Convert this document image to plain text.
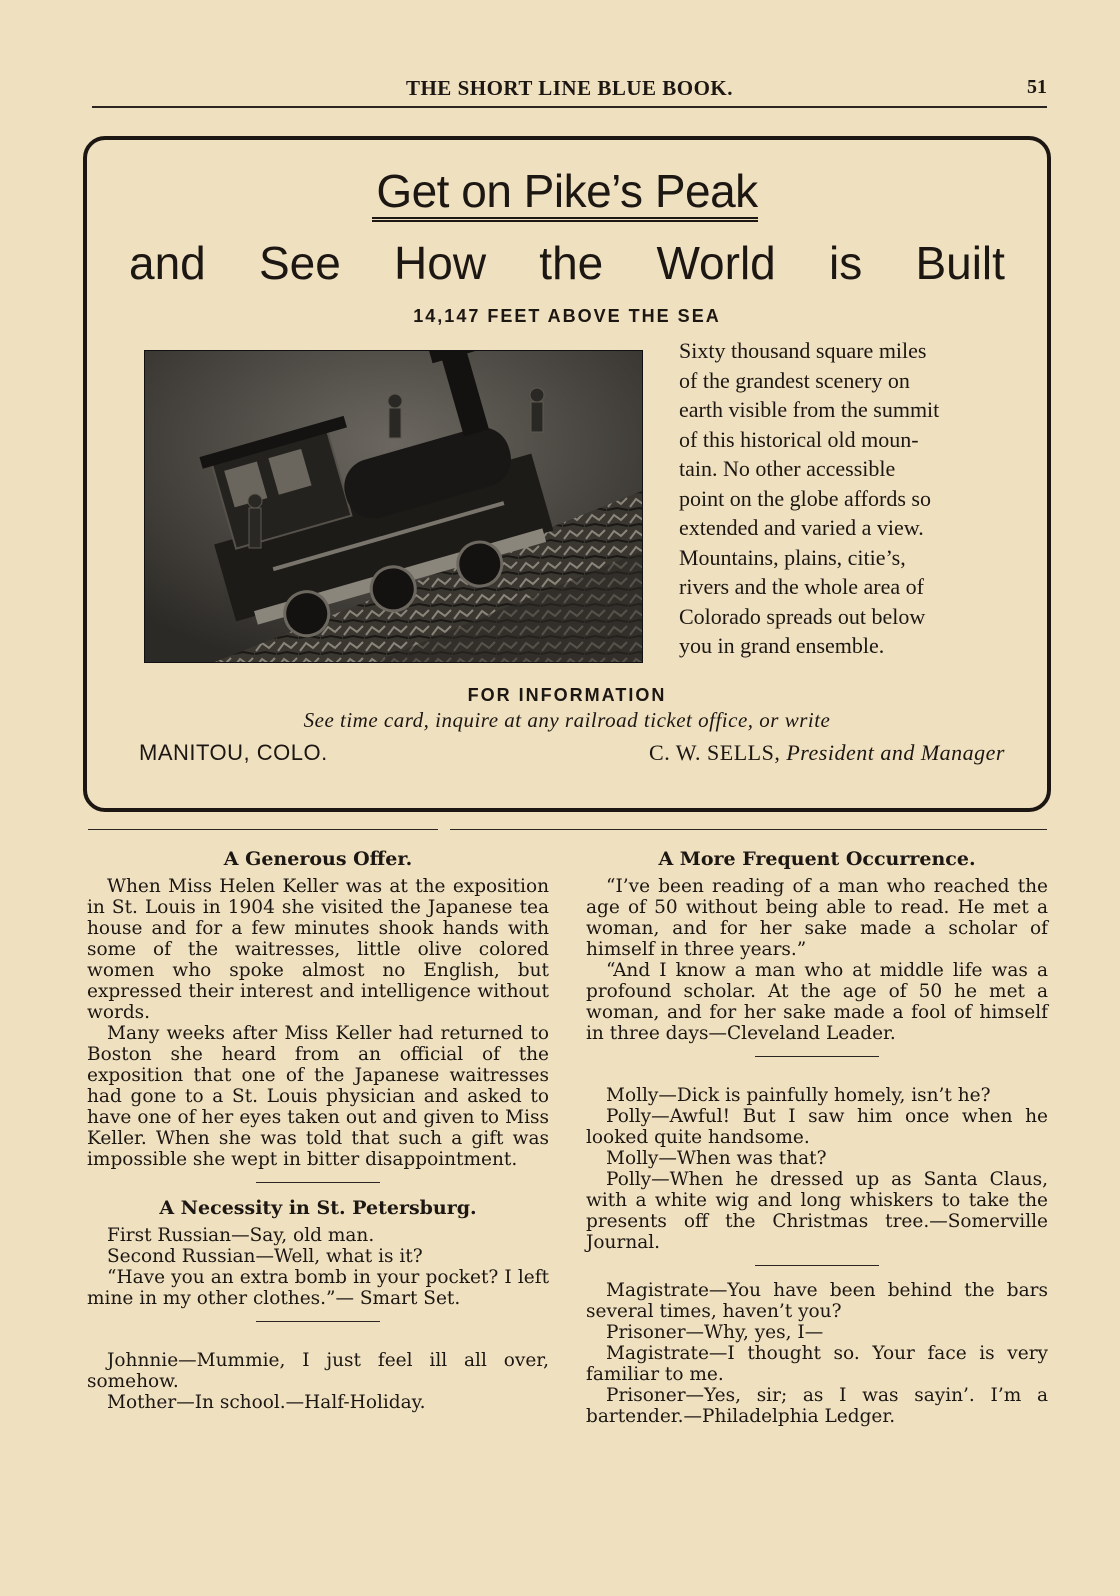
THE SHORT LINE BLUE BOOK.	51
Get on Pike’s Peak
and See How the World is Built
14,147 FEET ABOVE THE SEA
Sixty thousand square miles
of the grandest scenery on
earth visible from the summit
of this historical old moun-
tain. No other accessible
point on the globe affords so
extended and varied a view.
Mountains, plains, citie’s,
rivers and the whole area of
Colorado spreads out below
you in grand ensemble.
FOR INFORMATION
See time card, inquire at any railroad ticket office, or write
MANITOU, COLO.	C. W. SELLS, President and Manager
A Generous Offer.

When Miss Helen Keller was at the exposition in St. Louis in 1904 she visited the Japanese tea house and for a few minutes shook hands with some of the waitresses, little olive colored women who spoke almost no English, but expressed their interest and intelligence without words.

Many weeks after Miss Keller had returned to Boston she heard from an official of the exposition that one of the Japanese waitresses had gone to a St. Louis physician and asked to have one of her eyes taken out and given to Miss Keller. When she was told that such a gift was impossible she wept in bitter disappointment.

A Necessity in St. Petersburg.

First Russian—Say, old man.

Second Russian—Well, what is it?

“Have you an extra bomb in your pocket? I left mine in my other clothes.”— Smart Set.

Johnnie—Mummie, I just feel ill all over, somehow.

Mother—In school.—Half-Holiday.

A More Frequent Occurrence.

“I’ve been reading of a man who reached the age of 50 without being able to read. He met a woman, and for her sake made a scholar of himself in three years.”

“And I know a man who at middle life was a profound scholar. At the age of 50 he met a woman, and for her sake made a fool of himself in three days—Cleveland Leader.

Molly—Dick is painfully homely, isn’t he?

Polly—Awful! But I saw him once when he looked quite handsome.

Molly—When was that?

Polly—When he dressed up as Santa Claus, with a white wig and long whiskers to take the presents off the Christmas tree.—Somerville Journal.

Magistrate—You have been behind the bars several times, haven’t you?

Prisoner—Why, yes, I—

Magistrate—I thought so. Your face is very familiar to me.

Prisoner—Yes, sir; as I was sayin’. I’m a bartender.—Philadelphia Ledger.
